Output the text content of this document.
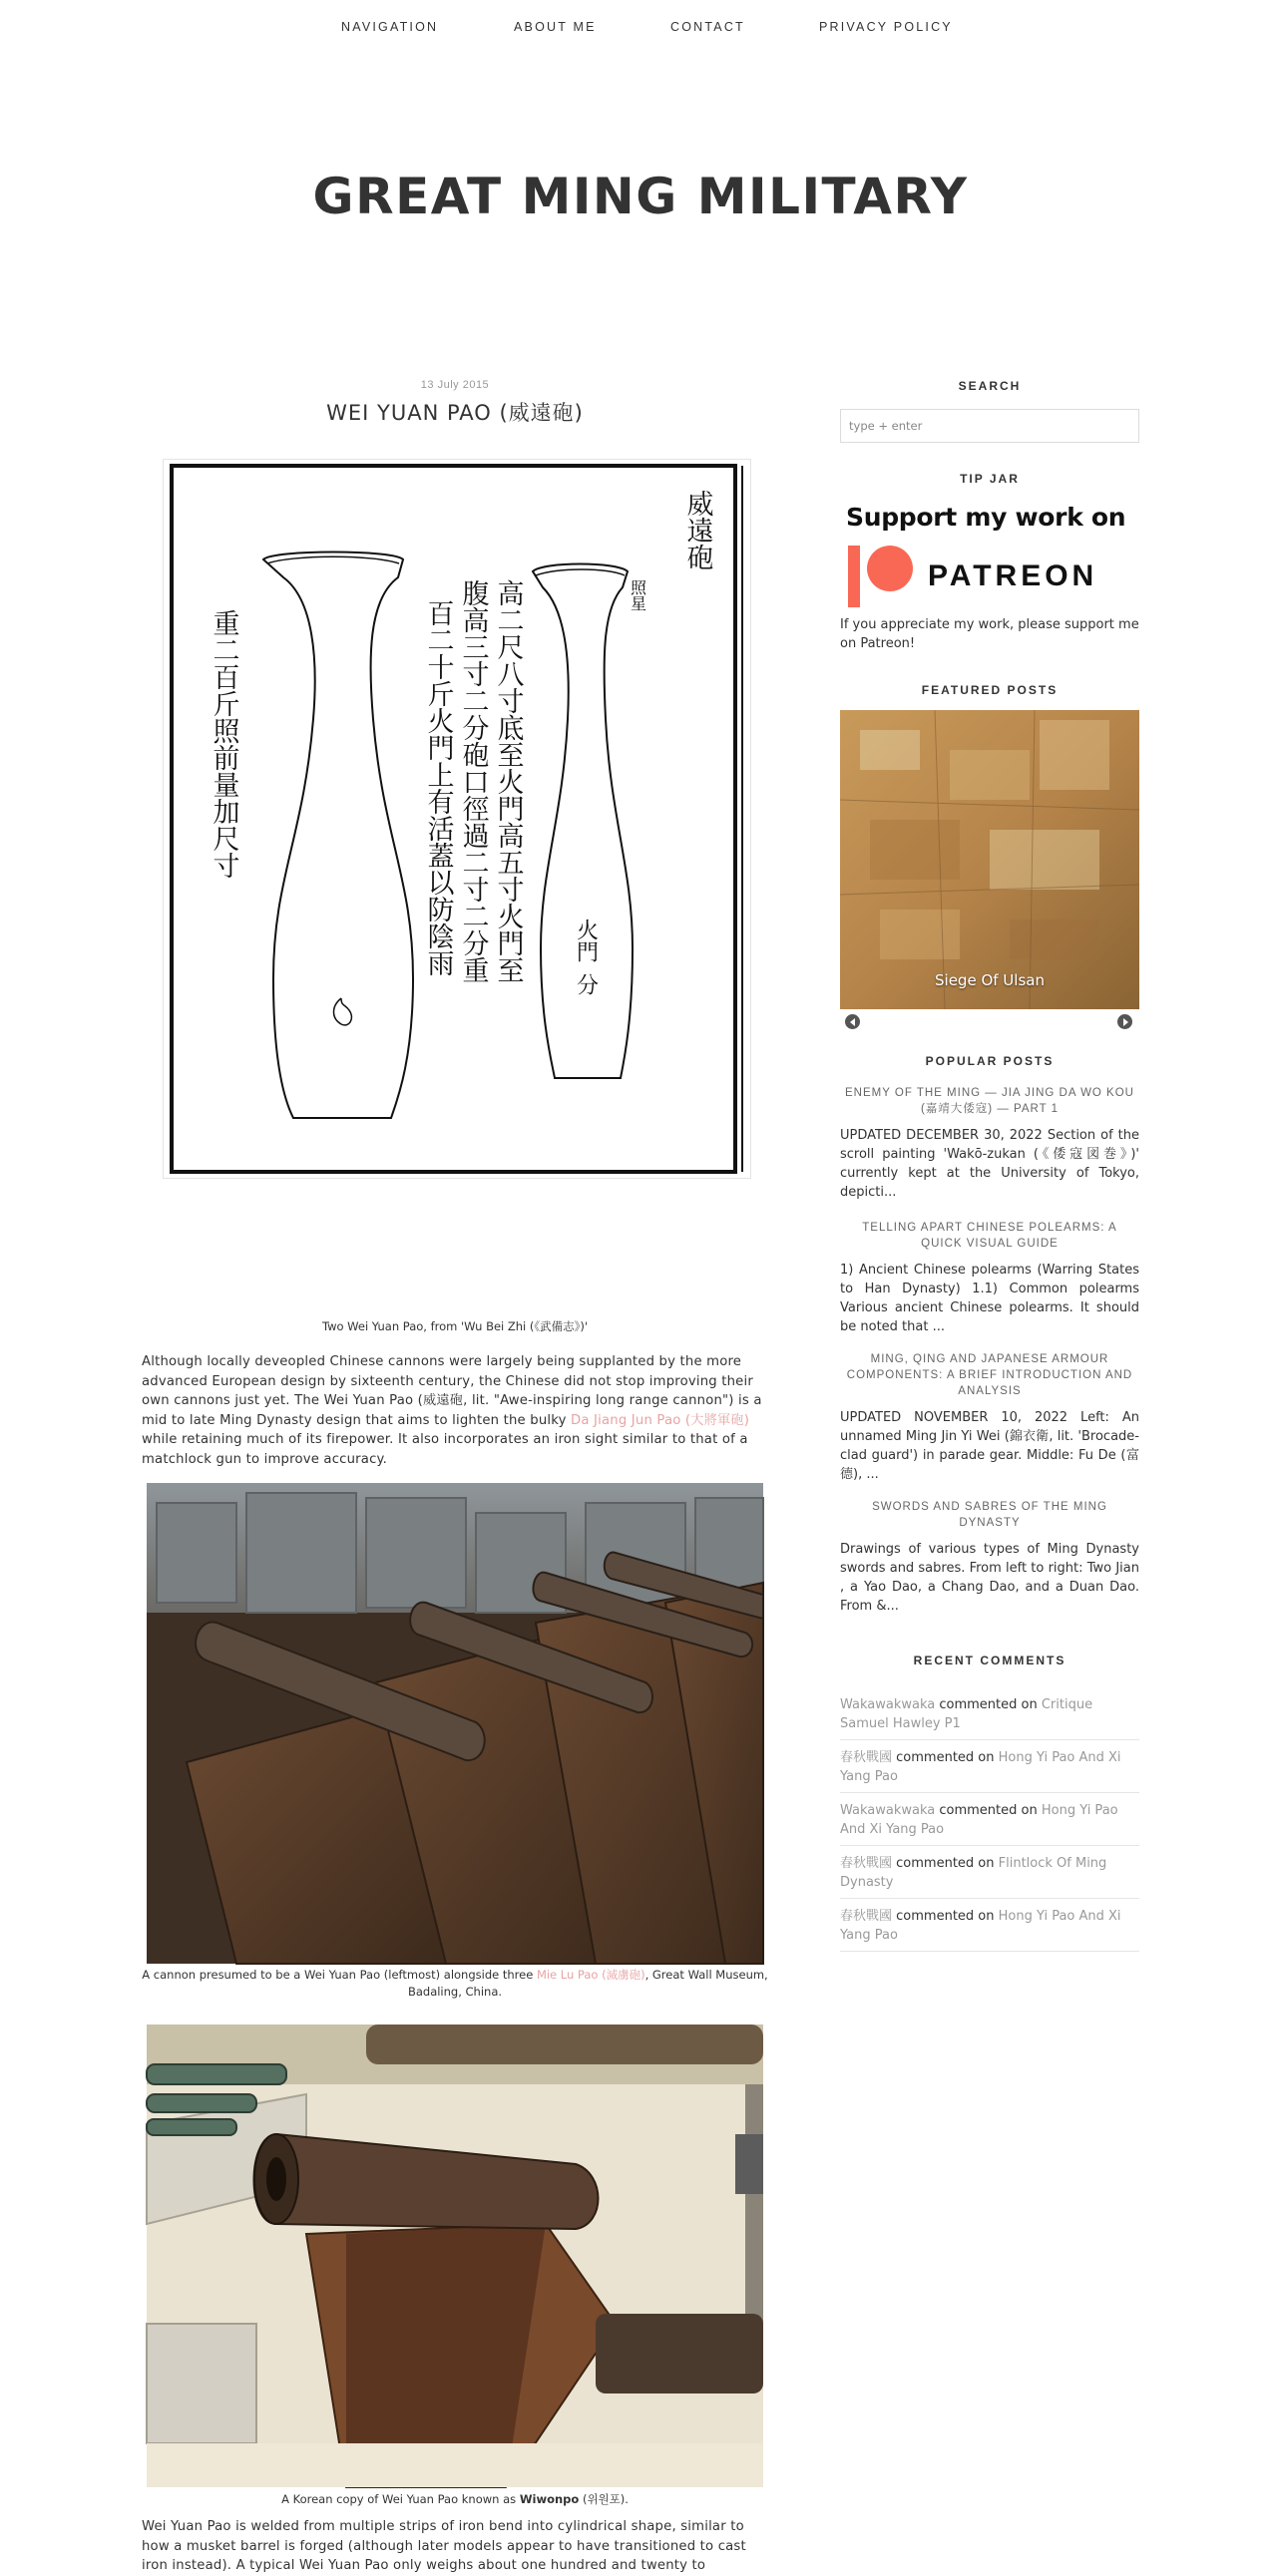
NAVIGATION	ABOUT ME	CONTACT	PRIVACY POLICY
GREAT MING MILITARY
13 July 2015
WEI YUAN PAO (威遠砲)
威遠砲
照星
高二尺八寸底至火門高五寸火門至
腹高三寸二分砲口徑過二寸二分重
百二十斤火門上有活蓋以防陰雨
重二百斤照前量加尺寸
火門
分
Two Wei Yuan Pao, from 'Wu Bei Zhi (《武備志》)'

Although locally deveopled Chinese cannons were largely being supplanted by the more advanced European design by sixteenth century, the Chinese did not stop improving their own cannons just yet. The Wei Yuan Pao (威遠砲, lit. "Awe-inspiring long range cannon") is a mid to late Ming Dynasty design that aims to lighten the bulky Da Jiang Jun Pao (大將軍砲) while retaining much of its firepower. It also incorporates an iron sight similar to that of a matchlock gun to improve accuracy.

A cannon presumed to be a Wei Yuan Pao (leftmost) alongside three Mie Lu Pao (滅虜砲), Great Wall Museum, Badaling, China.
A Korean copy of Wei Yuan Pao known as Wiwonpo (위원포).

Wei Yuan Pao is welded from multiple strips of iron bend into cylindrical shape, similar to how a musket barrel is forged (although later models appear to have transitioned to cast iron instead). A typical Wei Yuan Pao only weighs about one hundred and twenty to

SEARCH
type + enter
TIP JAR
Support my work on
PATREON
If you appreciate my work, please support me on Patreon!
FEATURED POSTS
Siege Of Ulsan
POPULAR POSTS
ENEMY OF THE MING — JIA JING DA WO KOU (嘉靖大倭寇) — PART 1
UPDATED DECEMBER 30, 2022 Section of the scroll painting 'Wakō-zukan (《倭寇図巻》)' currently kept at the University of Tokyo, depicti...
TELLING APART CHINESE POLEARMS: A QUICK VISUAL GUIDE
1) Ancient Chinese polearms (Warring States to Han Dynasty) 1.1) Common polearms Various ancient Chinese polearms. It should be noted that ...
MING, QING AND JAPANESE ARMOUR COMPONENTS: A BRIEF INTRODUCTION AND ANALYSIS
UPDATED NOVEMBER 10, 2022 Left: An unnamed Ming Jin Yi Wei (錦衣衛, lit. 'Brocade-clad guard') in parade gear. Middle: Fu De (富德), ...
SWORDS AND SABRES OF THE MING DYNASTY
Drawings of various types of Ming Dynasty swords and sabres. From left to right: Two Jian , a Yao Dao, a Chang Dao, and a Duan Dao. From &...
RECENT COMMENTS
Wakawakwaka commented on Critique Samuel Hawley P1
春秋戰國 commented on Hong Yi Pao And Xi Yang Pao
Wakawakwaka commented on Hong Yi Pao And Xi Yang Pao
春秋戰國 commented on Flintlock Of Ming Dynasty
春秋戰國 commented on Hong Yi Pao And Xi Yang Pao
